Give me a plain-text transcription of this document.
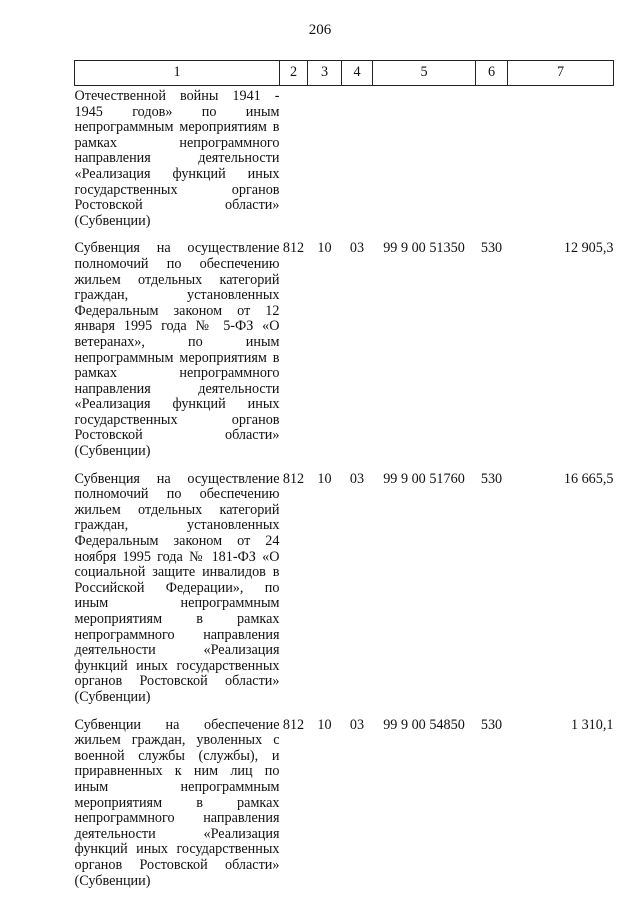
206
1	2	3	4	5	6	7
Отечественной войны 1941 - 1945 годов» по иным непрограммным мероприятиям в рамках непрограммного направления деятельности «Реализация функций иных государственных органов Ростовской области» (Субвенции)						
Субвенция на осуществление полномочий по обеспечению жильем отдельных категорий граждан, установленных Федеральным законом от 12 января 1995 года № 5-ФЗ «О ветеранах», по иным непрограммным мероприятиям в рамках непрограммного направления деятельности «Реализация функций иных государственных органов Ростовской области» (Субвенции)	812	10	03	99 9 00 51350	530	12 905,3
Субвенция на осуществление полномочий по обеспечению жильем отдельных категорий граждан, установленных Федеральным законом от 24 ноября 1995 года № 181-ФЗ «О социальной защите инвалидов в Российской Федерации», по иным непрограммным мероприятиям в рамках непрограммного направления деятельности «Реализация функций иных государственных органов Ростовской области» (Субвенции)	812	10	03	99 9 00 51760	530	16 665,5
Субвенции на обеспечение жильем граждан, уволенных с военной службы (службы), и приравненных к ним лиц по иным непрограммным мероприятиям в рамках непрограммного направления деятельности «Реализация функций иных государственных органов Ростовской области» (Субвенции)	812	10	03	99 9 00 54850	530	1 310,1
